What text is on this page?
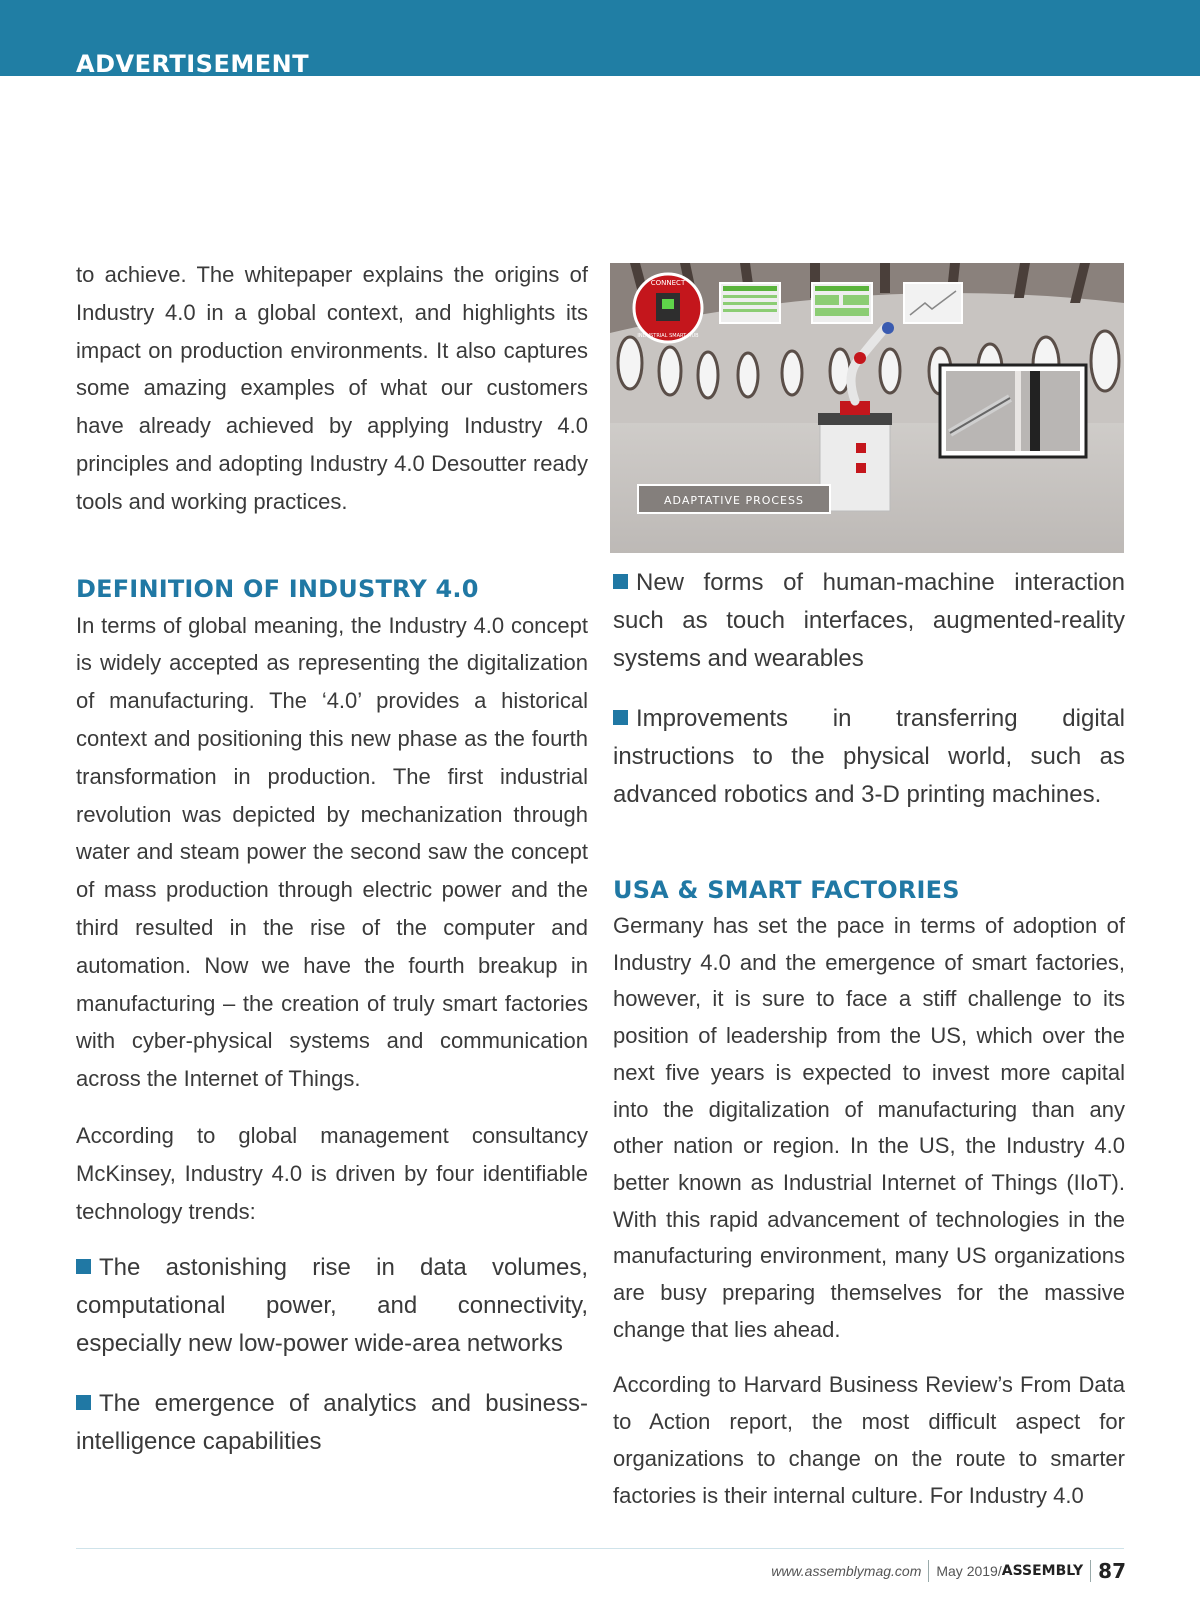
ADVERTISEMENT

to achieve. The whitepaper explains the origins of Industry 4.0 in a global context, and highlights its impact on production environments. It also captures some amazing examples of what our customers have already achieved by applying Industry 4.0 principles and adopting Industry 4.0 Desoutter ready tools and working practices.

DEFINITION OF INDUSTRY 4.0

In terms of global meaning, the Industry 4.0 concept is widely accepted as representing the digitalization of manufacturing. The ‘4.0’ provides a historical context and positioning this new phase as the fourth transformation in production. The first industrial revolution was depicted by mechanization through water and steam power the second saw the concept of mass production through electric power and the third resulted in the rise of the computer and automation. Now we have the fourth breakup in manufacturing – the creation of truly smart factories with cyber-physical systems and communication across the Internet of Things.

According to global management consultancy McKinsey, Industry 4.0 is driven by four identifiable technology trends:

The astonishing rise in data volumes, computational power, and connectivity, especially new low-power wide-area networks

The emergence of analytics and business-intelligence capabilities

CONNECT
INDUSTRIAL SMART HUB
ADAPTATIVE PROCESS

New forms of human-machine interaction such as touch interfaces, augmented-reality systems and wearables

Improvements in transferring digital instructions to the physical world, such as advanced robotics and 3-D printing machines.

USA & SMART FACTORIES

Germany has set the pace in terms of adoption of Industry 4.0 and the emergence of smart factories, however, it is sure to face a stiff challenge to its position of leadership from the US, which over the next five years is expected to invest more capital into the digitalization of manufacturing than any other nation or region. In the US, the Industry 4.0 better known as Industrial Internet of Things (IIoT). With this rapid advancement of technologies in the manufacturing environment, many US organizations are busy preparing themselves for the massive change that lies ahead.

According to Harvard Business Review’s From Data to Action report, the most difficult aspect for organizations to change on the route to smarter factories is their internal culture. For Industry 4.0

www.assemblymag.com May 2019/ ASSEMBLY 87
